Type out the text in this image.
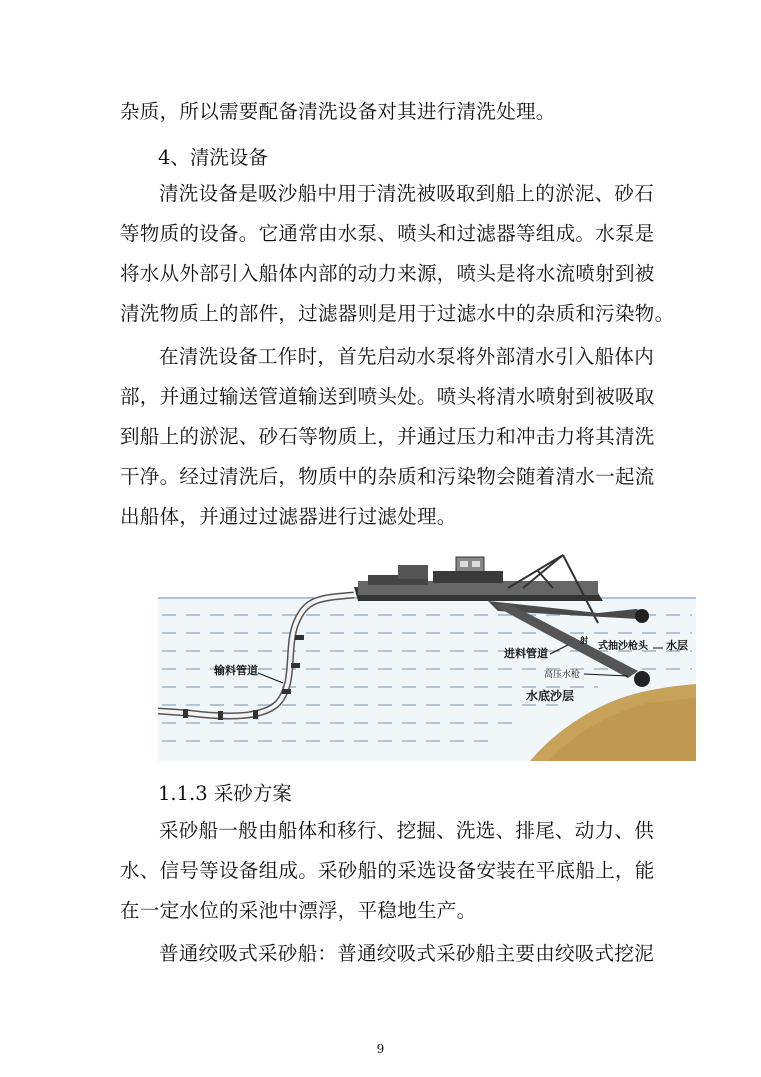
杂质，所以需要配备清洗设备对其进行清洗处理。

4、清洗设备

清洗设备是吸沙船中用于清洗被吸取到船上的淤泥、砂石
等物质的设备。它通常由水泵、喷头和过滤器等组成。水泵是
将水从外部引入船体内部的动力来源，喷头是将水流喷射到被
清洗物质上的部件，过滤器则是用于过滤水中的杂质和污染物。
在清洗设备工作时，首先启动水泵将外部清水引入船体内
部，并通过输送管道输送到喷头处。喷头将清水喷射到被吸取
到船上的淤泥、砂石等物质上，并通过压力和冲击力将其清洗
干净。经过清洗后，物质中的杂质和污染物会随着清水一起流
出船体，并通过过滤器进行过滤处理。
输料管道
进料管道
射
式抽沙枪头 水层
高压水枪
水底沙层

1.1.3 采砂方案

采砂船一般由船体和移行、挖掘、洗选、排尾、动力、供
水、信号等设备组成。采砂船的采选设备安装在平底船上，能
在一定水位的采池中漂浮，平稳地生产。
普通绞吸式采砂船：普通绞吸式采砂船主要由绞吸式挖泥
9
